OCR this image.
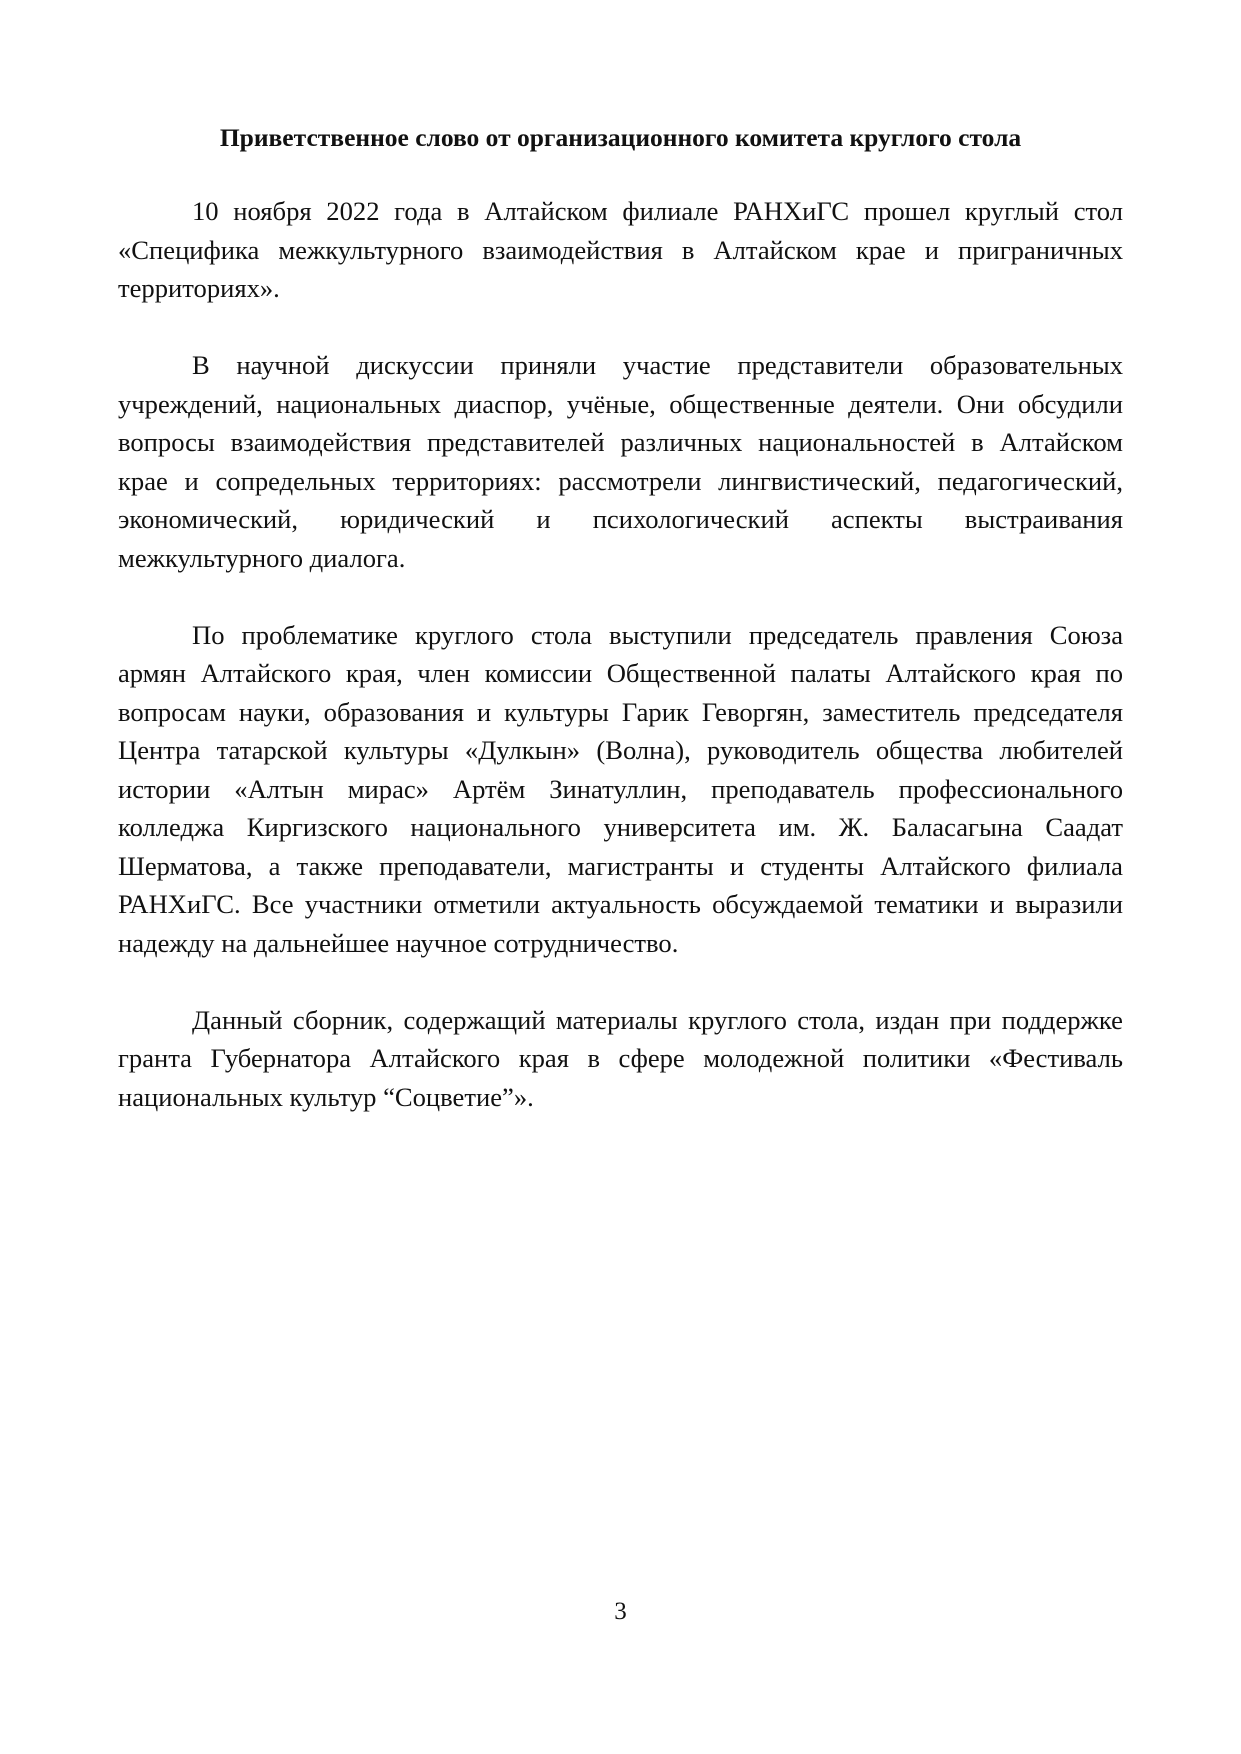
Приветственное слово от организационного комитета круглого стола

10 ноября 2022 года в Алтайском филиале РАНХиГС прошел круглый стол «Специфика межкультурного взаимодействия в Алтайском крае и приграничных территориях».

В научной дискуссии приняли участие представители образовательных учреждений, национальных диаспор, учёные, общественные деятели. Они обсудили вопросы взаимодействия представителей различных национальностей в Алтайском крае и сопредельных территориях: рассмотрели лингвистический, педагогический, экономический, юридический и психологический аспекты выстраивания межкультурного диалога.

По проблематике круглого стола выступили председатель правления Союза армян Алтайского края, член комиссии Общественной палаты Алтайского края по вопросам науки, образования и культуры Гарик Геворгян, заместитель председателя Центра татарской культуры «Дулкын» (Волна), руководитель общества любителей истории «Алтын мирас» Артём Зинатуллин, преподаватель профессионального колледжа Киргизского национального университета им. Ж. Баласагына Саадат Шерматова, а также преподаватели, магистранты и студенты Алтайского филиала РАНХиГС. Все участники отметили актуальность обсуждаемой тематики и выразили надежду на дальнейшее научное сотрудничество.

Данный сборник, содержащий материалы круглого стола, издан при поддержке гранта Губернатора Алтайского края в сфере молодежной политики «Фестиваль национальных культур “Соцветие”».

3
